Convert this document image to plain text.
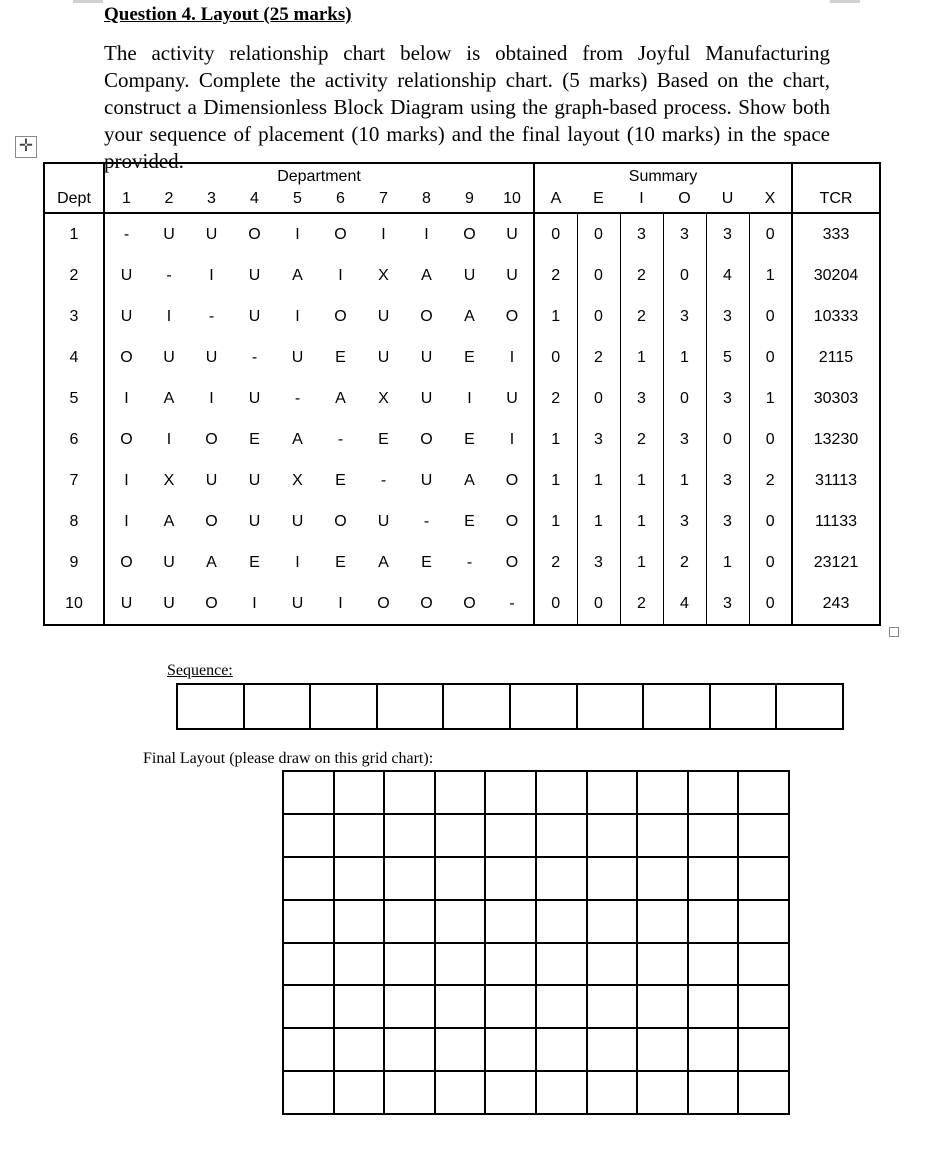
Question 4. Layout (25 marks)

The activity relationship chart below is obtained from Joyful Manufacturing Company. Complete the activity relationship chart. (5 marks) Based on the chart, construct a Dimensionless Block Diagram using the graph-based process. Show both your sequence of placement (10 marks) and the final layout (10 marks) in the space provided.

✛
	Department										Summary						
Dept	1	2	3	4	5	6	7	8	9	10	A	E	I	O	U	X	TCR
1	-	U	U	O	I	O	I	I	O	U	0	0	3	3	3	0	333
2	U	-	I	U	A	I	X	A	U	U	2	0	2	0	4	1	30204
3	U	I	-	U	I	O	U	O	A	O	1	0	2	3	3	0	10333
4	O	U	U	-	U	E	U	U	E	I	0	2	1	1	5	0	2115
5	I	A	I	U	-	A	X	U	I	U	2	0	3	0	3	1	30303
6	O	I	O	E	A	-	E	O	E	I	1	3	2	3	0	0	13230
7	I	X	U	U	X	E	-	U	A	O	1	1	1	1	3	2	31113
8	I	A	O	U	U	O	U	-	E	O	1	1	1	3	3	0	11133
9	O	U	A	E	I	E	A	E	-	O	2	3	1	2	1	0	23121
10	U	U	O	I	U	I	O	O	O	-	0	0	2	4	3	0	243

Sequence:

Final Layout (please draw on this grid chart):
